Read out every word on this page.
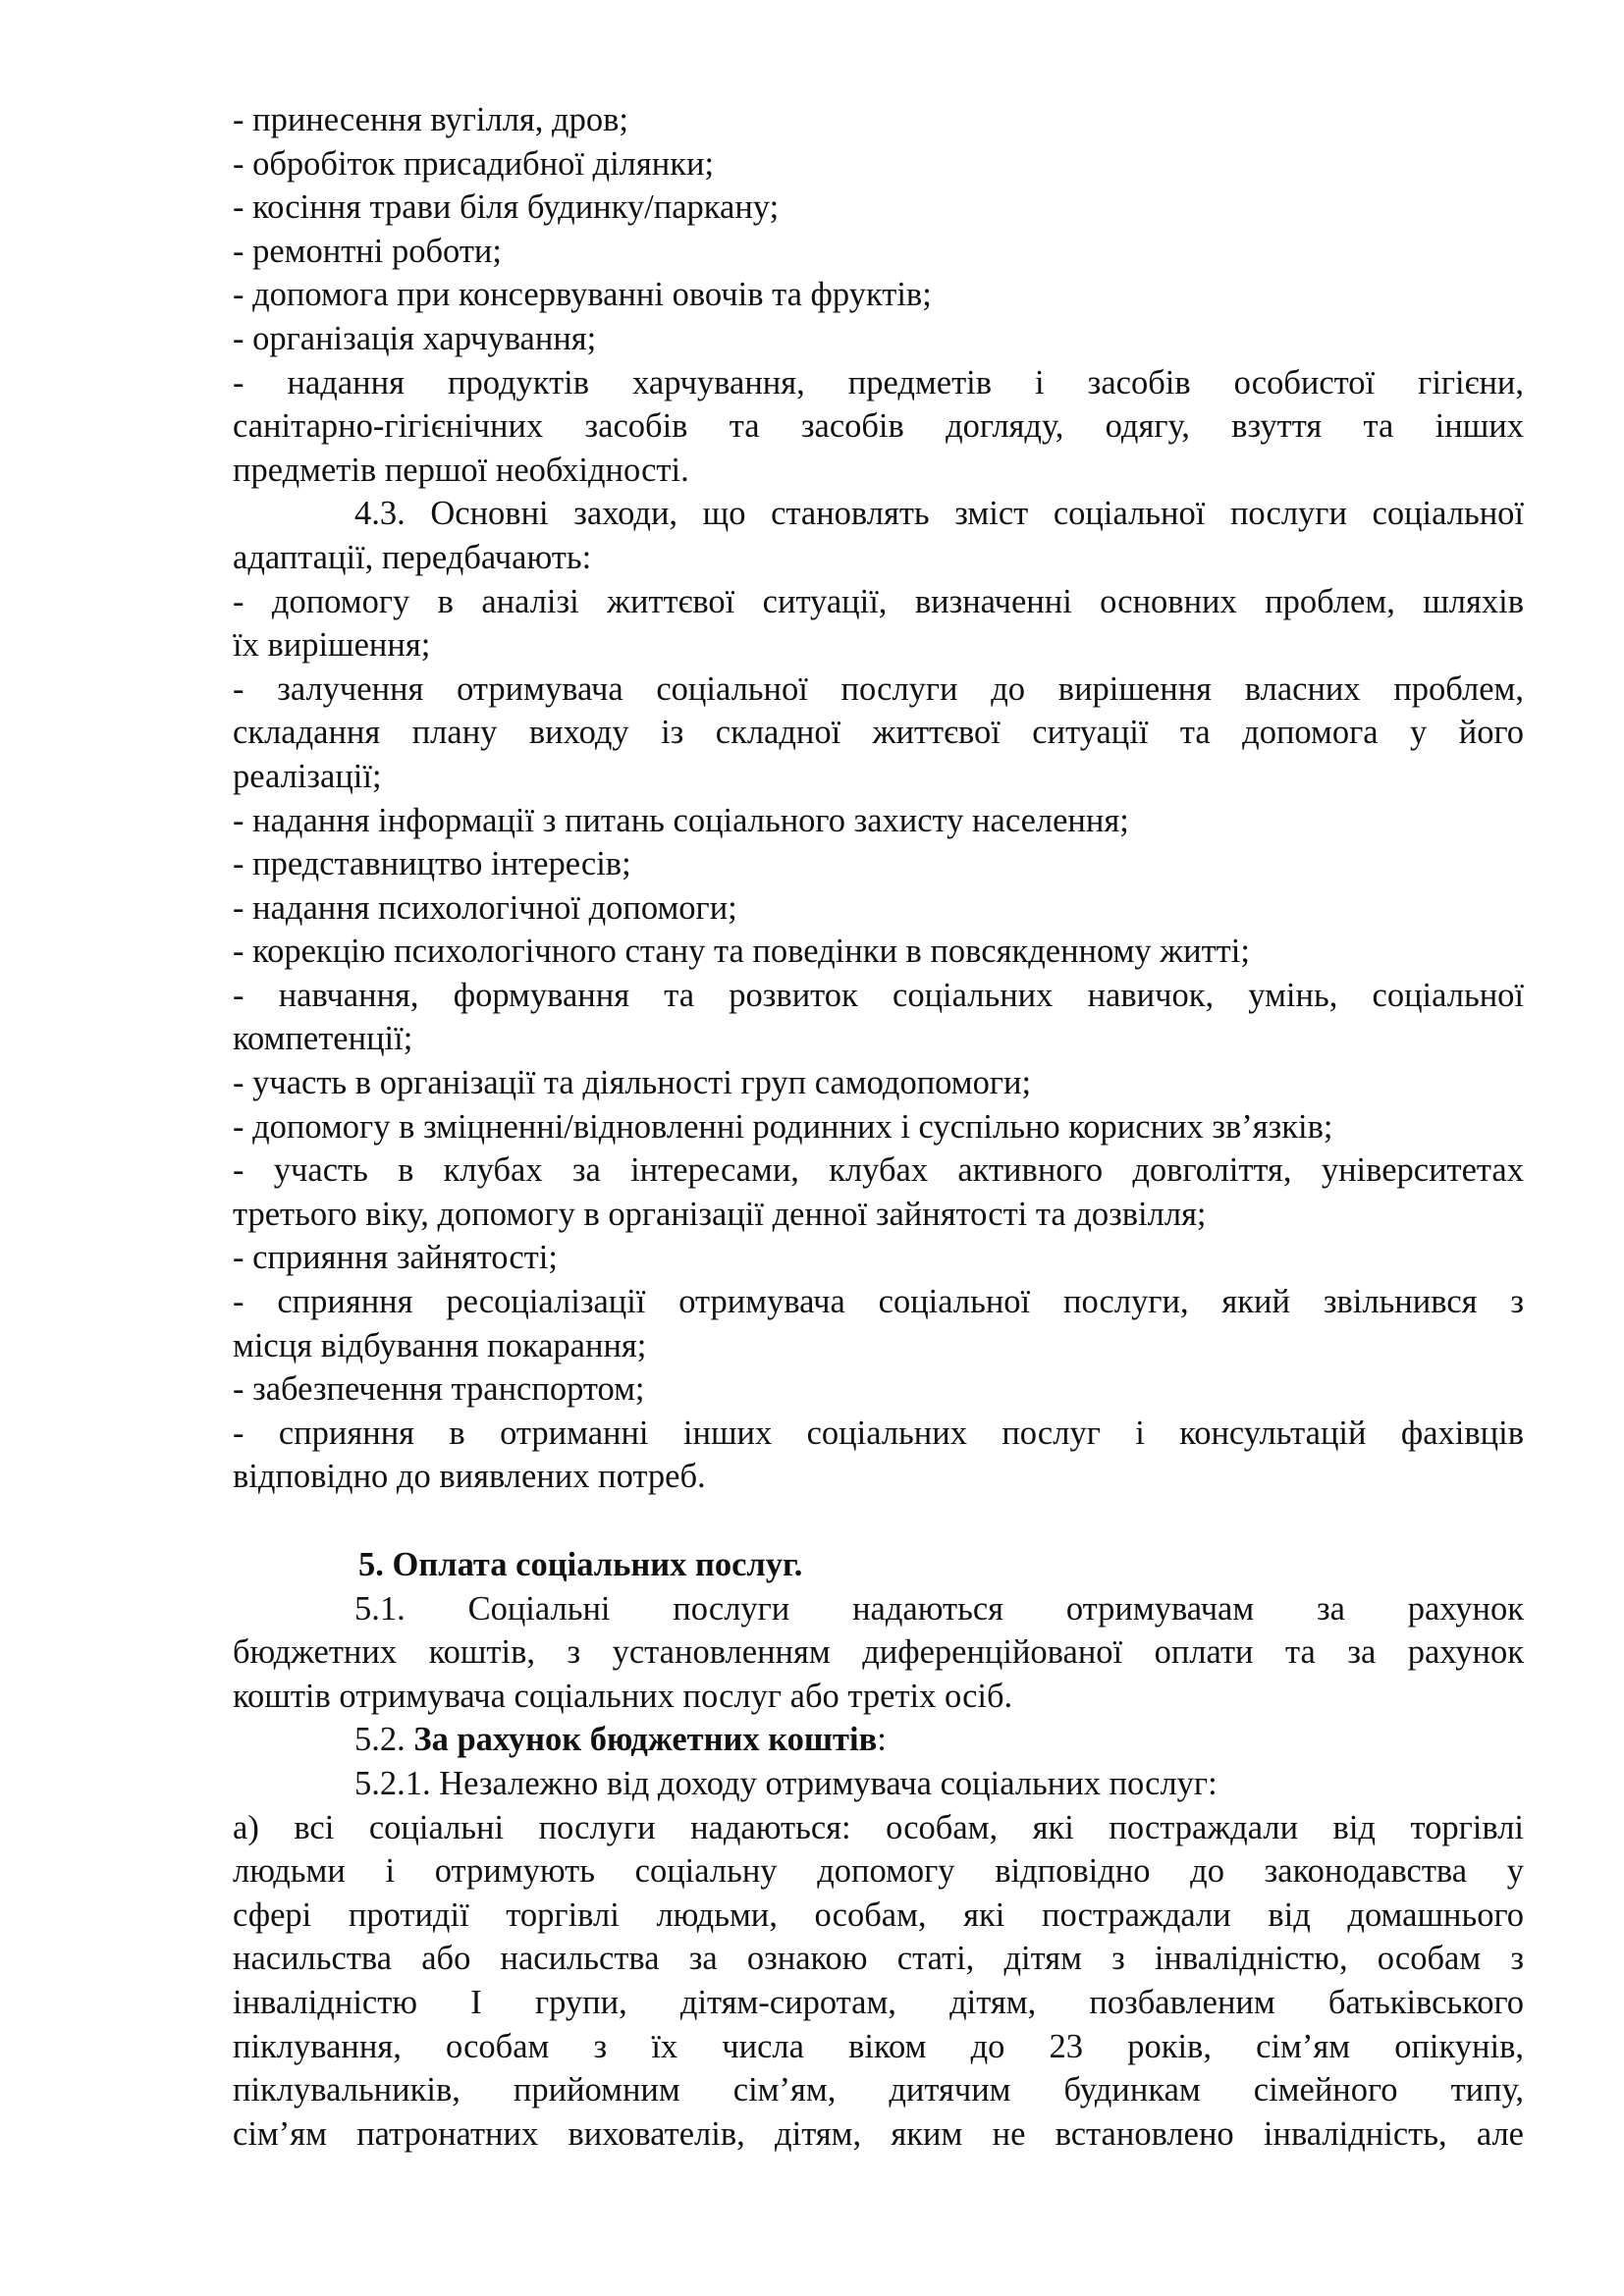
- принесення вугілля, дров;
- обробіток присадибної ділянки;
- косіння трави біля будинку/паркану;
- ремонтні роботи;
- допомога при консервуванні овочів та фруктів;
- організація харчування;
- надання продуктів харчування, предметів і засобів особистої гігієни,
санітарно-гігієнічних засобів та засобів догляду, одягу, взуття та інших
предметів першої необхідності.
4.3. Основні заходи, що становлять зміст соціальної послуги соціальної
адаптації, передбачають:
- допомогу в аналізі життєвої ситуації, визначенні основних проблем, шляхів
їх вирішення;
- залучення отримувача соціальної послуги до вирішення власних проблем,
складання плану виходу із складної життєвої ситуації та допомога у його
реалізації;
- надання інформації з питань соціального захисту населення;
- представництво інтересів;
- надання психологічної допомоги;
- корекцію психологічного стану та поведінки в повсякденному житті;
- навчання, формування та розвиток соціальних навичок, умінь, соціальної
компетенції;
- участь в організації та діяльності груп самодопомоги;
- допомогу в зміцненні/відновленні родинних і суспільно корисних зв’язків;
- участь в клубах за інтересами, клубах активного довголіття, університетах
третього віку, допомогу в організації денної зайнятості та дозвілля;
- сприяння зайнятості;
- сприяння ресоціалізації отримувача соціальної послуги, який звільнився з
місця відбування покарання;
- забезпечення транспортом;
- сприяння в отриманні інших соціальних послуг і консультацій фахівців
відповідно до виявлених потреб.
5. Оплата соціальних послуг.
5.1. Соціальні послуги надаються отримувачам за рахунок
бюджетних коштів, з установленням диференційованої оплати та за рахунок
коштів отримувача соціальних послуг або третіх осіб.
5.2. За рахунок бюджетних коштів:
5.2.1. Незалежно від доходу отримувача соціальних послуг:
а) всі соціальні послуги надаються: особам, які постраждали від торгівлі
людьми і отримують соціальну допомогу відповідно до законодавства у
сфері протидії торгівлі людьми, особам, які постраждали від домашнього
насильства або насильства за ознакою статі, дітям з інвалідністю, особам з
інвалідністю I групи, дітям-сиротам, дітям, позбавленим батьківського
піклування, особам з їх числа віком до 23 років, сім’ям опікунів,
піклувальників, прийомним сім’ям, дитячим будинкам сімейного типу,
сім’ям патронатних вихователів, дітям, яким не встановлено інвалідність, але
